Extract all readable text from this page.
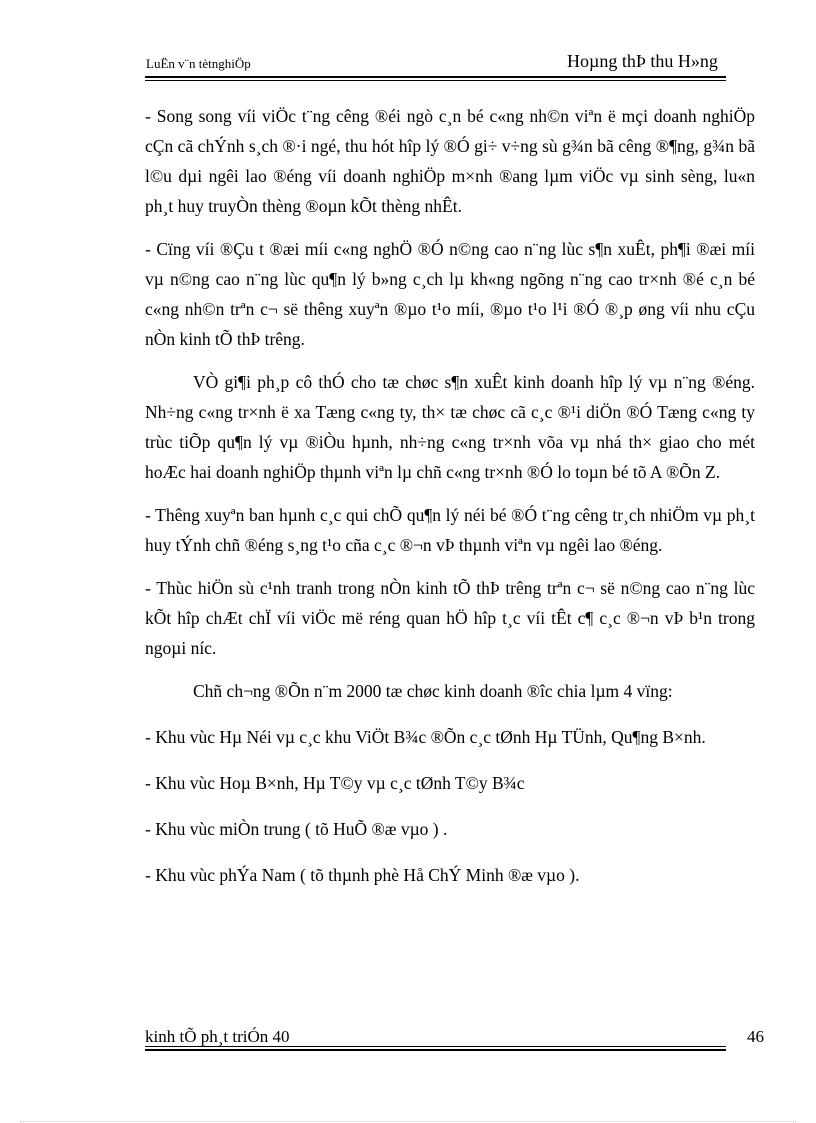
LuËn v¨n tètnghiÖp	Hoµng thÞ thu H»ng

- Song song víi viÖc t¨ng cêng ®éi ngò c¸n bé c«ng nh©n viªn ë mçi doanh nghiÖp cÇn cã chÝnh s¸ch ®·i ngé, thu hót hîp lý ®Ó gi÷ v÷ng sù g¾n bã cêng ®¶ng, g¾n bã l©u dµi ngêi lao ®éng víi doanh nghiÖp m×nh ®ang lµm viÖc vµ sinh sèng, lu«n ph¸t huy truyÒn thèng ®oµn kÕt thèng nhÊt.

- Cïng víi ®Çu t ®æi míi c«ng nghÖ ®Ó n©ng cao n¨ng lùc s¶n xuÊt, ph¶i ®æi míi vµ n©ng cao n¨ng lùc qu¶n lý b»ng c¸ch lµ kh«ng ngõng n¨ng cao tr×nh ®é c¸n bé c«ng nh©n trªn c¬ së thêng xuyªn ®µo t¹o míi, ®µo t¹o l¹i ®Ó ®¸p øng víi nhu cÇu nÒn kinh tÕ thÞ trêng.

VÒ gi¶i ph¸p cô thÓ cho tæ chøc s¶n xuÊt kinh doanh hîp lý vµ n¨ng ®éng. Nh÷ng c«ng tr×nh ë xa Tæng c«ng ty, th× tæ chøc cã c¸c ®¹i diÖn ®Ó Tæng c«ng ty trùc tiÕp qu¶n lý vµ ®iÒu hµnh, nh÷ng c«ng tr×nh võa vµ nhá th× giao cho mét hoÆc hai doanh nghiÖp thµnh viªn lµ chñ c«ng tr×nh ®Ó lo toµn bé tõ A ®Õn Z.

- Thêng xuyªn ban hµnh c¸c qui chÕ qu¶n lý néi bé ®Ó t¨ng cêng tr¸ch nhiÖm vµ ph¸t huy tÝnh chñ ®éng s¸ng t¹o cña c¸c ®¬n vÞ thµnh viªn vµ ngêi lao ®éng.

- Thùc hiÖn sù c¹nh tranh trong nÒn kinh tÕ thÞ trêng trªn c¬ së n©ng cao n¨ng lùc kÕt hîp chÆt chÏ víi viÖc më réng quan hÖ hîp t¸c víi tÊt c¶ c¸c ®¬n vÞ b¹n trong ngoµi níc.

Chñ ch¬ng ®Õn n¨m 2000 tæ chøc kinh doanh ®îc chia lµm 4 vïng:

- Khu vùc Hµ Néi vµ c¸c khu ViÖt B¾c ®Õn c¸c tØnh Hµ TÜnh, Qu¶ng B×nh.

- Khu vùc Hoµ B×nh, Hµ T©y vµ c¸c tØnh T©y B¾c

- Khu vùc miÒn trung ( tõ HuÕ ®æ vµo ) .

- Khu vùc phÝa Nam ( tõ thµnh phè Hå ChÝ Minh ®æ vµo ).

kinh tÕ ph¸t triÓn 40	46
